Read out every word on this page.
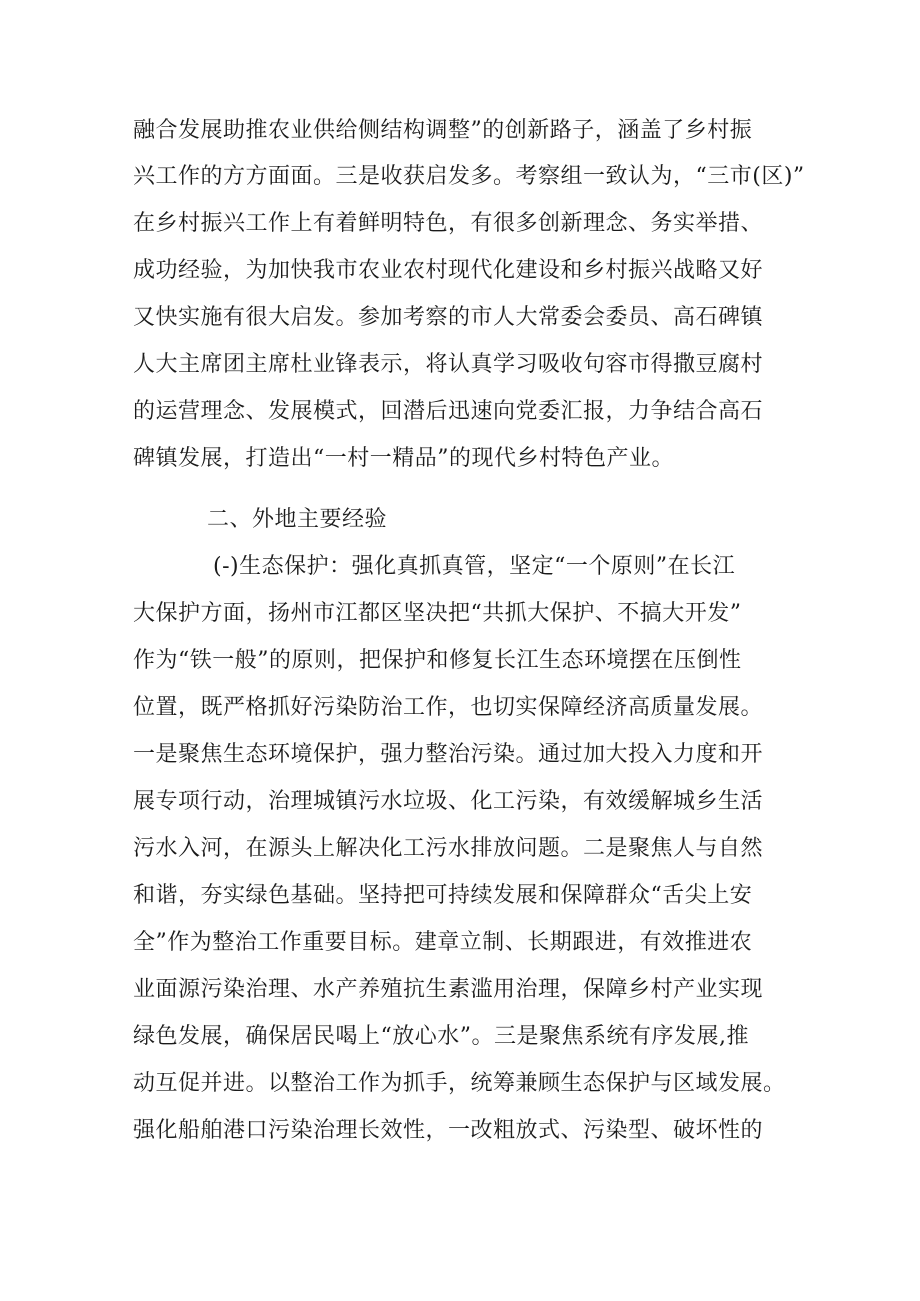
融合发展助推农业供给侧结构调整”的创新路子，涵盖了乡村振
兴工作的方方面面。三是收获启发多。考察组一致认为，“三市(区)”
在乡村振兴工作上有着鲜明特色，有很多创新理念、务实举措、
成功经验，为加快我市农业农村现代化建设和乡村振兴战略又好
又快实施有很大启发。参加考察的市人大常委会委员、高石碑镇
人大主席团主席杜业锋表示，将认真学习吸收句容市得撒豆腐村
的运营理念、发展模式，回潜后迅速向党委汇报，力争结合高石
碑镇发展，打造出“一村一精品”的现代乡村特色产业。
二、外地主要经验
(-)生态保护：强化真抓真管，坚定“一个原则”在长江
大保护方面，扬州市江都区坚决把“共抓大保护、不搞大开发”
作为“铁一般”的原则，把保护和修复长江生态环境摆在压倒性
位置，既严格抓好污染防治工作，也切实保障经济高质量发展。
一是聚焦生态环境保护，强力整治污染。通过加大投入力度和开
展专项行动，治理城镇污水垃圾、化工污染，有效缓解城乡生活
污水入河，在源头上解决化工污水排放问题。二是聚焦人与自然
和谐，夯实绿色基础。坚持把可持续发展和保障群众“舌尖上安
全”作为整治工作重要目标。建章立制、长期跟进，有效推进农
业面源污染治理、水产养殖抗生素滥用治理，保障乡村产业实现
绿色发展，确保居民喝上“放心水”。三是聚焦系统有序发展,推
动互促并进。以整治工作为抓手，统筹兼顾生态保护与区域发展。
强化船舶港口污染治理长效性，一改粗放式、污染型、破坏性的
